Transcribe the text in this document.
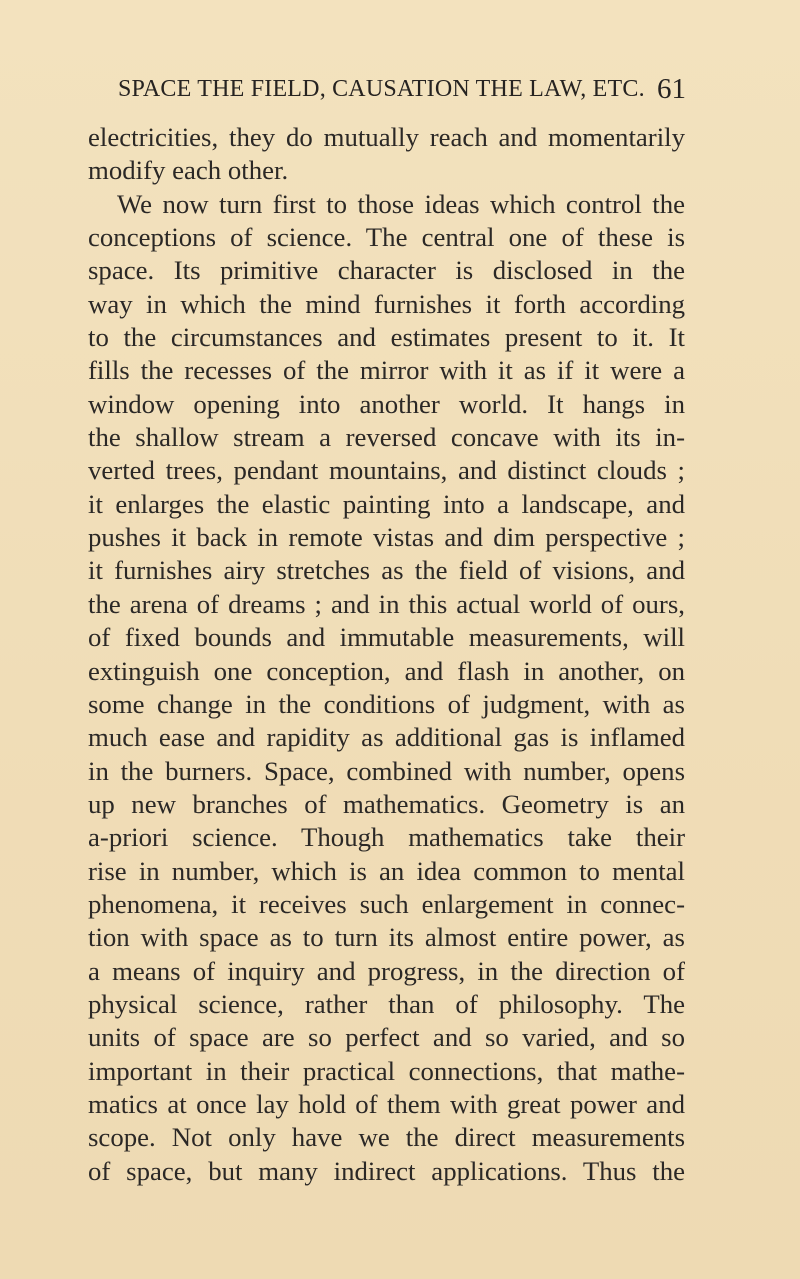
SPACE THE FIELD, CAUSATION THE LAW, ETC. 61
electricities, they do mutually reach and momentarily
modify each other.
We now turn first to those ideas which control the
conceptions of science. The central one of these is
space. Its primitive character is disclosed in the
way in which the mind furnishes it forth according
to the circumstances and estimates present to it. It
fills the recesses of the mirror with it as if it were a
window opening into another world. It hangs in
the shallow stream a reversed concave with its in-
verted trees, pendant mountains, and distinct clouds ;
it enlarges the elastic painting into a landscape, and
pushes it back in remote vistas and dim perspective ;
it furnishes airy stretches as the field of visions, and
the arena of dreams ; and in this actual world of ours,
of fixed bounds and immutable measurements, will
extinguish one conception, and flash in another, on
some change in the conditions of judgment, with as
much ease and rapidity as additional gas is inflamed
in the burners. Space, combined with number, opens
up new branches of mathematics. Geometry is an
a-priori science. Though mathematics take their
rise in number, which is an idea common to mental
phenomena, it receives such enlargement in connec-
tion with space as to turn its almost entire power, as
a means of inquiry and progress, in the direction of
physical science, rather than of philosophy. The
units of space are so perfect and so varied, and so
important in their practical connections, that mathe-
matics at once lay hold of them with great power and
scope. Not only have we the direct measurements
of space, but many indirect applications. Thus the
